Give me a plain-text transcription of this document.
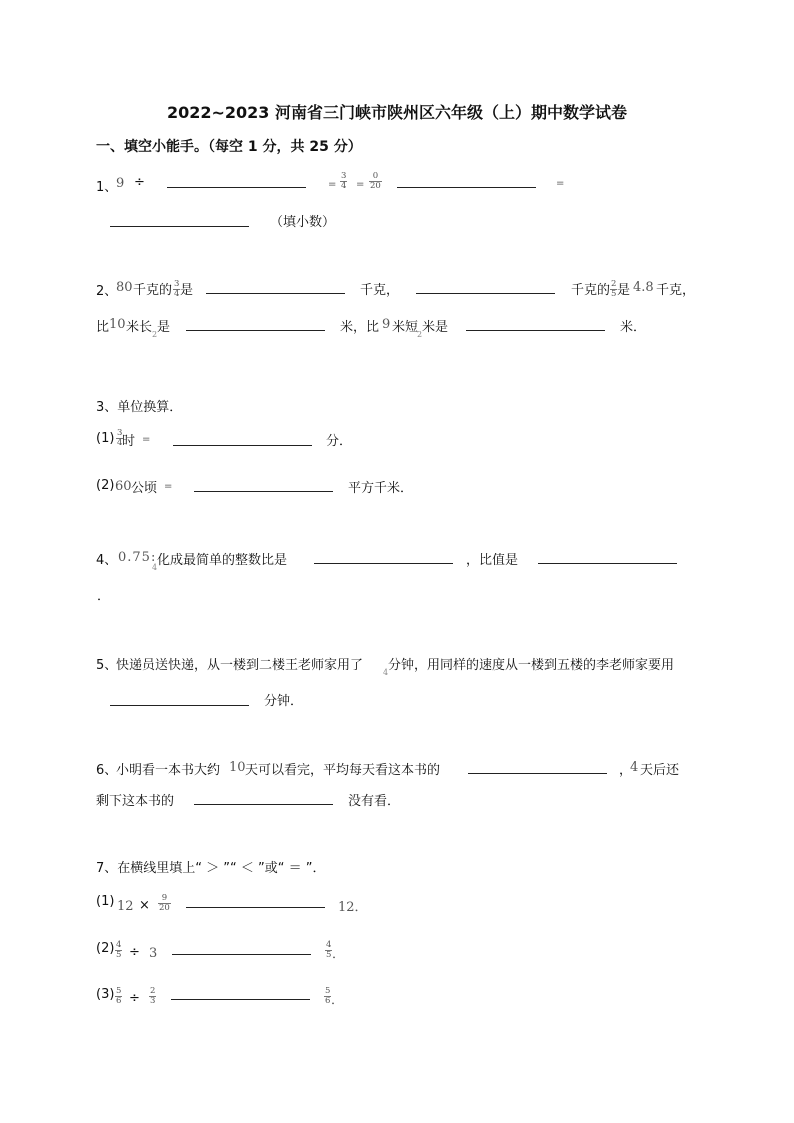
2022~2023 河南省三门峡市陕州区六年级（上）期中数学试卷
一、填空小能手。（每空 1 分，共 25 分）
1、
9 ÷	= $\frac{3}{4} = \frac{0}{20}$	=
（填小数）
2、
80 千克的 $\frac{3}{4}$ 是	千克，	千克的 $\frac{2}{5}$ 是 4.8 千克，
比 10 米长 2 是	米，比 9 米短
2 米是	米．
3、单位换算．
$(1) \frac{3}{4}$
时 =	分．
(2) 60 公顷 =	平方千米．
4、 0.75:
4 化成最简单的整数比是	，比值是
．
5、
快递员送快递，从一楼到二楼王老师家用了 4 分钟，用同样的速度从一楼到五楼的李老师家要用
分钟．
6、
小明看一本书大约 10 天可以看完，平均每天看这本书的	，
4 天后还
剩下这本书的	没有看．
7、在横线里填上“ ＞ ”“ ＜ ”或“ ＝ ”．
(1) $12 \times \frac{9}{20}$	12．
$(2) \frac{4}{5} \div 3$	$\frac{4}{5}$ ．
$(3) \frac{5}{6} \div \frac{2}{3}$	$\frac{5}{6}$ ．
